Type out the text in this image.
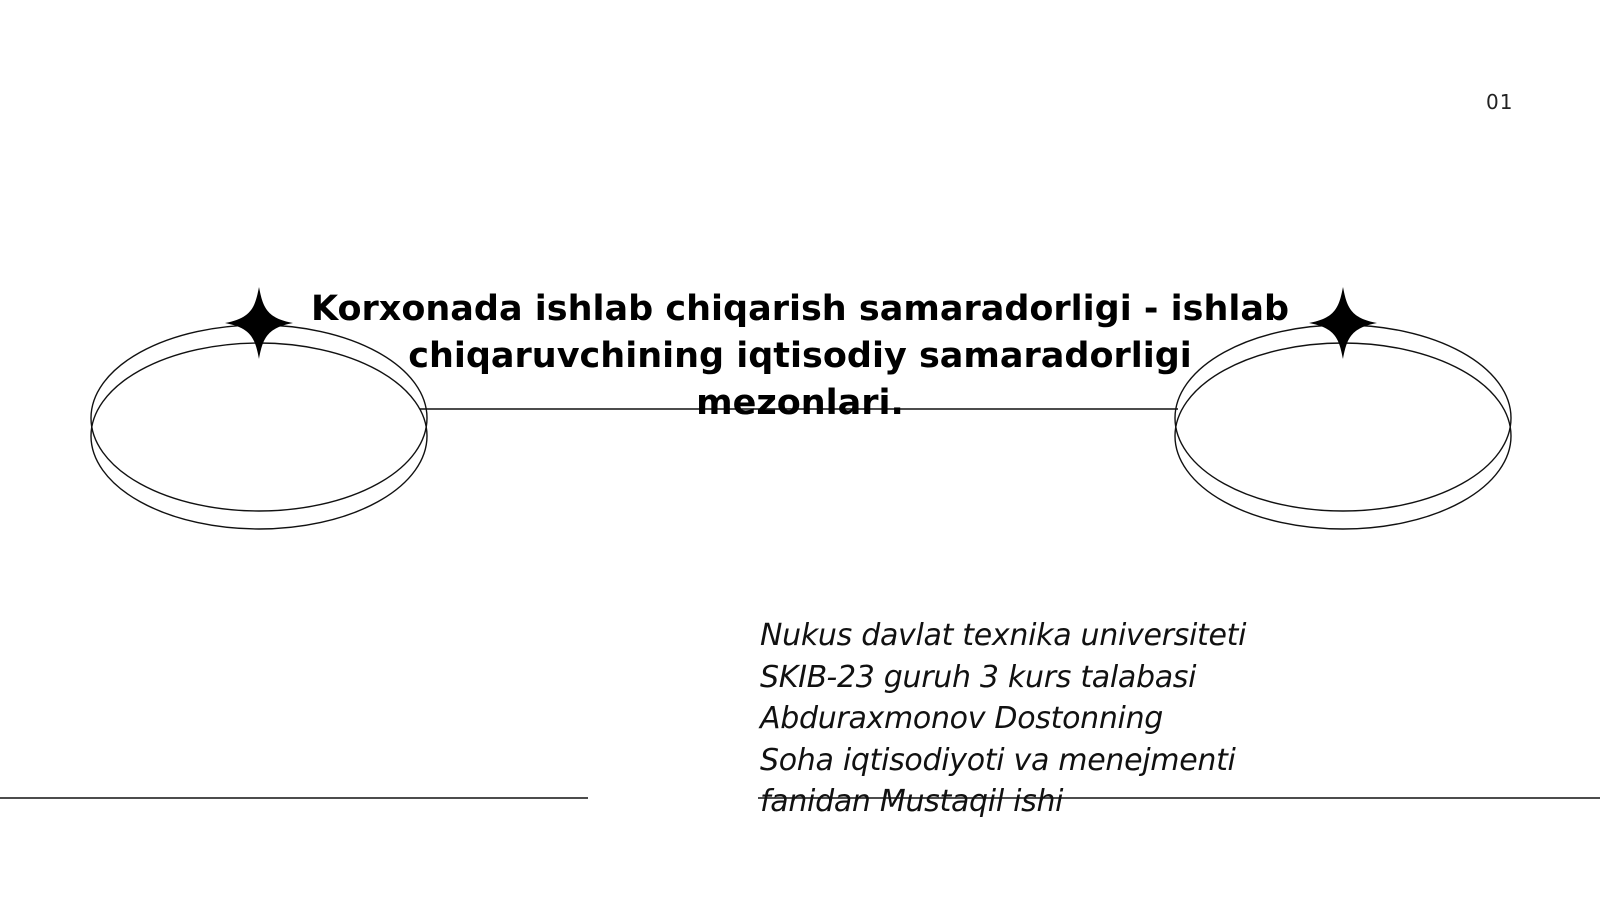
01
Korxonada ishlab chiqarish samaradorligi - ishlab
chiqaruvchining iqtisodiy samaradorligi
mezonlari.
Nukus davlat texnika universiteti
SKIB-23 guruh 3 kurs talabasi
Abduraxmonov Dostonning
Soha iqtisodiyoti va menejmenti
fanidan Mustaqil ishi
